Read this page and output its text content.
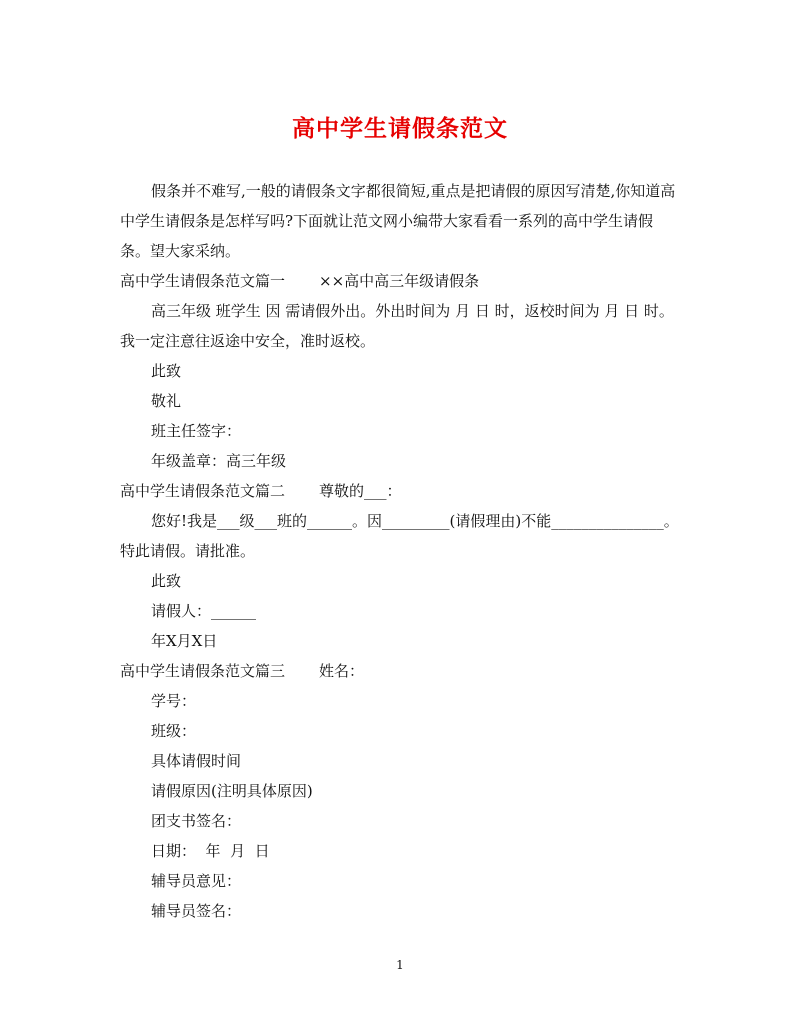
高中学生请假条范文

假条并不难写,一般的请假条文字都很简短,重点是把请假的原因写清楚,你知道高中学生请假条是怎样写吗?下面就让范文网小编带大家看看一系列的高中学生请假条。望大家采纳。

高中学生请假条范文篇一 ××高中高三年级请假条

高三年级 班学生 因 需请假外出。外出时间为 月 日 时，返校时间为 月 日 时。我一定注意往返途中安全，准时返校。

此致

敬礼

班主任签字：

年级盖章：高三年级

高中学生请假条范文篇二 尊敬的___：

您好!我是___级___班的______。因_________(请假理由)不能_______________。特此请假。请批准。

此致

请假人：______

年X月X日

高中学生请假条范文篇三 姓名：

学号：

班级：

具体请假时间

请假原因(注明具体原因)

团支书签名：

日期：  年  月  日

辅导员意见：

辅导员签名：

1
